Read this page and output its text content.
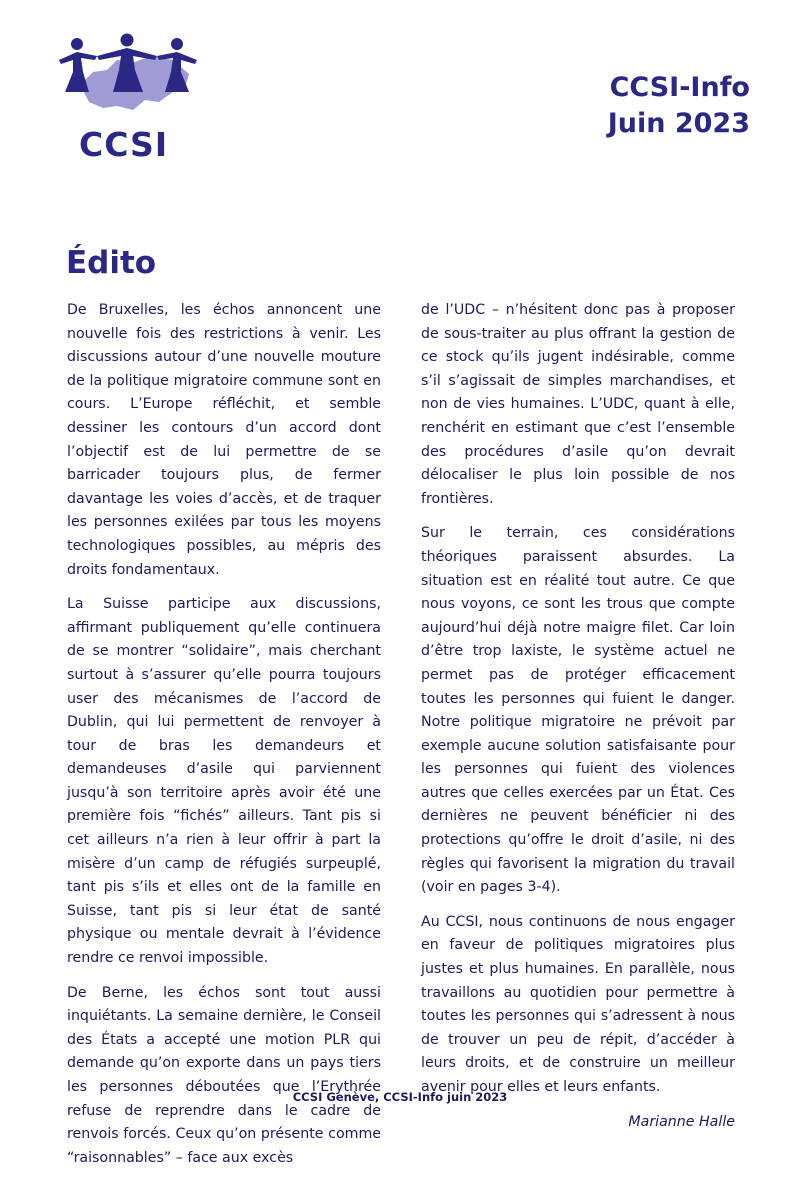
CCSI
CCSI-Info
Juin 2023
Édito

De Bruxelles, les échos annoncent une nouvelle fois des restrictions à venir. Les discussions autour d’une nouvelle mouture de la politique migratoire commune sont en cours. L’Europe réfléchit, et semble dessiner les contours d’un accord dont l’objectif est de lui permettre de se barricader toujours plus, de fermer davantage les voies d’accès, et de traquer les personnes exilées par tous les moyens technologiques possibles, au mépris des droits fondamentaux.

La Suisse participe aux discussions, affirmant publiquement qu’elle continuera de se montrer “solidaire”, mais cherchant surtout à s’assurer qu’elle pourra toujours user des mécanismes de l’accord de Dublin, qui lui permettent de renvoyer à tour de bras les demandeurs et demandeuses d’asile qui parviennent jusqu’à son territoire après avoir été une première fois “fichés” ailleurs. Tant pis si cet ailleurs n’a rien à leur offrir à part la misère d’un camp de réfugiés surpeuplé, tant pis s’ils et elles ont de la famille en Suisse, tant pis si leur état de santé physique ou mentale devrait à l’évidence rendre ce renvoi impossible.

De Berne, les échos sont tout aussi inquiétants. La semaine dernière, le Conseil des États a accepté une motion PLR qui demande qu’on exporte dans un pays tiers les personnes déboutées que l’Erythrée refuse de reprendre dans le cadre de renvois forcés. Ceux qu’on présente comme “raisonnables” – face aux excès

de l’UDC – n’hésitent donc pas à proposer de sous-traiter au plus offrant la gestion de ce stock qu’ils jugent indésirable, comme s’il s’agissait de simples marchandises, et non de vies humaines. L’UDC, quant à elle, renchérit en estimant que c’est l’ensemble des procédures d’asile qu’on devrait délocaliser le plus loin possible de nos frontières.

Sur le terrain, ces considérations théoriques paraissent absurdes. La situation est en réalité tout autre. Ce que nous voyons, ce sont les trous que compte aujourd’hui déjà notre maigre filet. Car loin d’être trop laxiste, le système actuel ne permet pas de protéger efficacement toutes les personnes qui fuient le danger. Notre politique migratoire ne prévoit par exemple aucune solution satisfaisante pour les personnes qui fuient des violences autres que celles exercées par un État. Ces dernières ne peuvent bénéficier ni des protections qu’offre le droit d’asile, ni des règles qui favorisent la migration du travail (voir en pages 3-4).

Au CCSI, nous continuons de nous engager en faveur de politiques migratoires plus justes et plus humaines. En parallèle, nous travaillons au quotidien pour permettre à toutes les personnes qui s’adressent à nous de trouver un peu de répit, d’accéder à leurs droits, et de construire un meilleur avenir pour elles et leurs enfants.

Marianne Halle
CCSI Genève, CCSI-Info juin 2023
